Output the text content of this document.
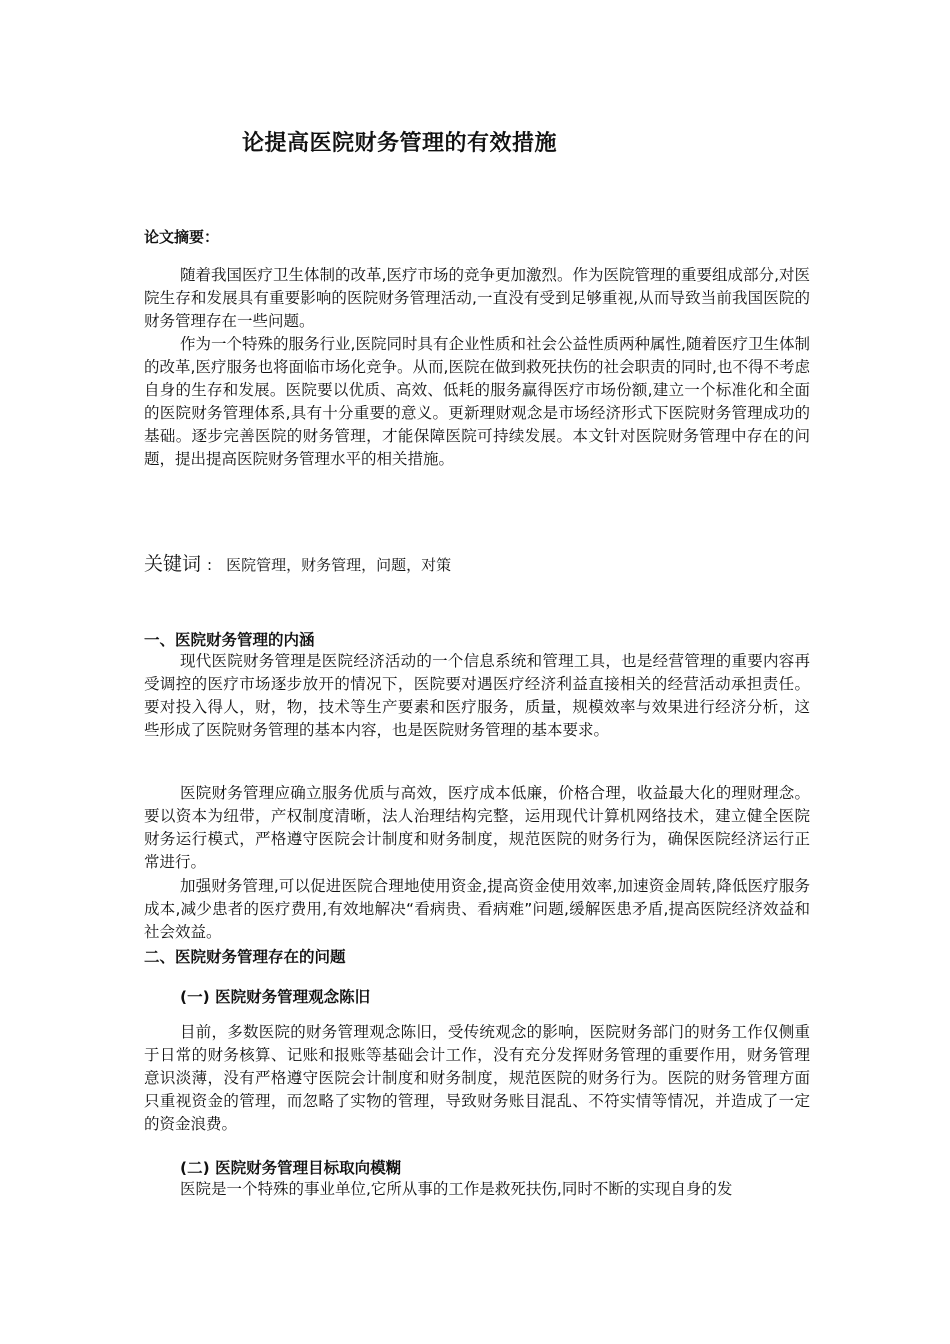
论提高医院财务管理的有效措施
论文摘要：
随着我国医疗卫生体制的改革,医疗市场的竞争更加激烈。作为医院管理的重要组成部分,对医院生存和发展具有重要影响的医院财务管理活动,一直没有受到足够重视,从而导致当前我国医院的财务管理存在一些问题。
作为一个特殊的服务行业,医院同时具有企业性质和社会公益性质两种属性,随着医疗卫生体制的改革,医疗服务也将面临市场化竞争。从而,医院在做到救死扶伤的社会职责的同时,也不得不考虑自身的生存和发展。医院要以优质、高效、低耗的服务赢得医疗市场份额,建立一个标准化和全面的医院财务管理体系,具有十分重要的意义。更新理财观念是市场经济形式下医院财务管理成功的基础。逐步完善医院的财务管理，才能保障医院可持续发展。本文针对医院财务管理中存在的问题，提出提高医院财务管理水平的相关措施。
关键词 : 医院管理，财务管理，问题，对策
一、医院财务管理的内涵
现代医院财务管理是医院经济活动的一个信息系统和管理工具，也是经营管理的重要内容再受调控的医疗市场逐步放开的情况下，医院要对遇医疗经济利益直接相关的经营活动承担责任。要对投入得人，财，物，技术等生产要素和医疗服务，质量，规模效率与效果进行经济分析，这些形成了医院财务管理的基本内容，也是医院财务管理的基本要求。
医院财务管理应确立服务优质与高效，医疗成本低廉，价格合理，收益最大化的理财理念。要以资本为纽带，产权制度清晰，法人治理结构完整，运用现代计算机网络技术，建立健全医院财务运行模式，严格遵守医院会计制度和财务制度，规范医院的财务行为，确保医院经济运行正常进行。
加强财务管理,可以促进医院合理地使用资金,提高资金使用效率,加速资金周转,降低医疗服务成本,减少患者的医疗费用,有效地解决“看病贵、看病难”问题,缓解医患矛盾,提高医院经济效益和社会效益。
二、医院财务管理存在的问题
(一) 医院财务管理观念陈旧
目前，多数医院的财务管理观念陈旧，受传统观念的影响，医院财务部门的财务工作仅侧重于日常的财务核算、记账和报账等基础会计工作，没有充分发挥财务管理的重要作用，财务管理意识淡薄，没有严格遵守医院会计制度和财务制度，规范医院的财务行为。医院的财务管理方面只重视资金的管理，而忽略了实物的管理，导致财务账目混乱、不符实情等情况，并造成了一定的资金浪费。
(二) 医院财务管理目标取向模糊
医院是一个特殊的事业单位,它所从事的工作是救死扶伤,同时不断的实现自身的发
